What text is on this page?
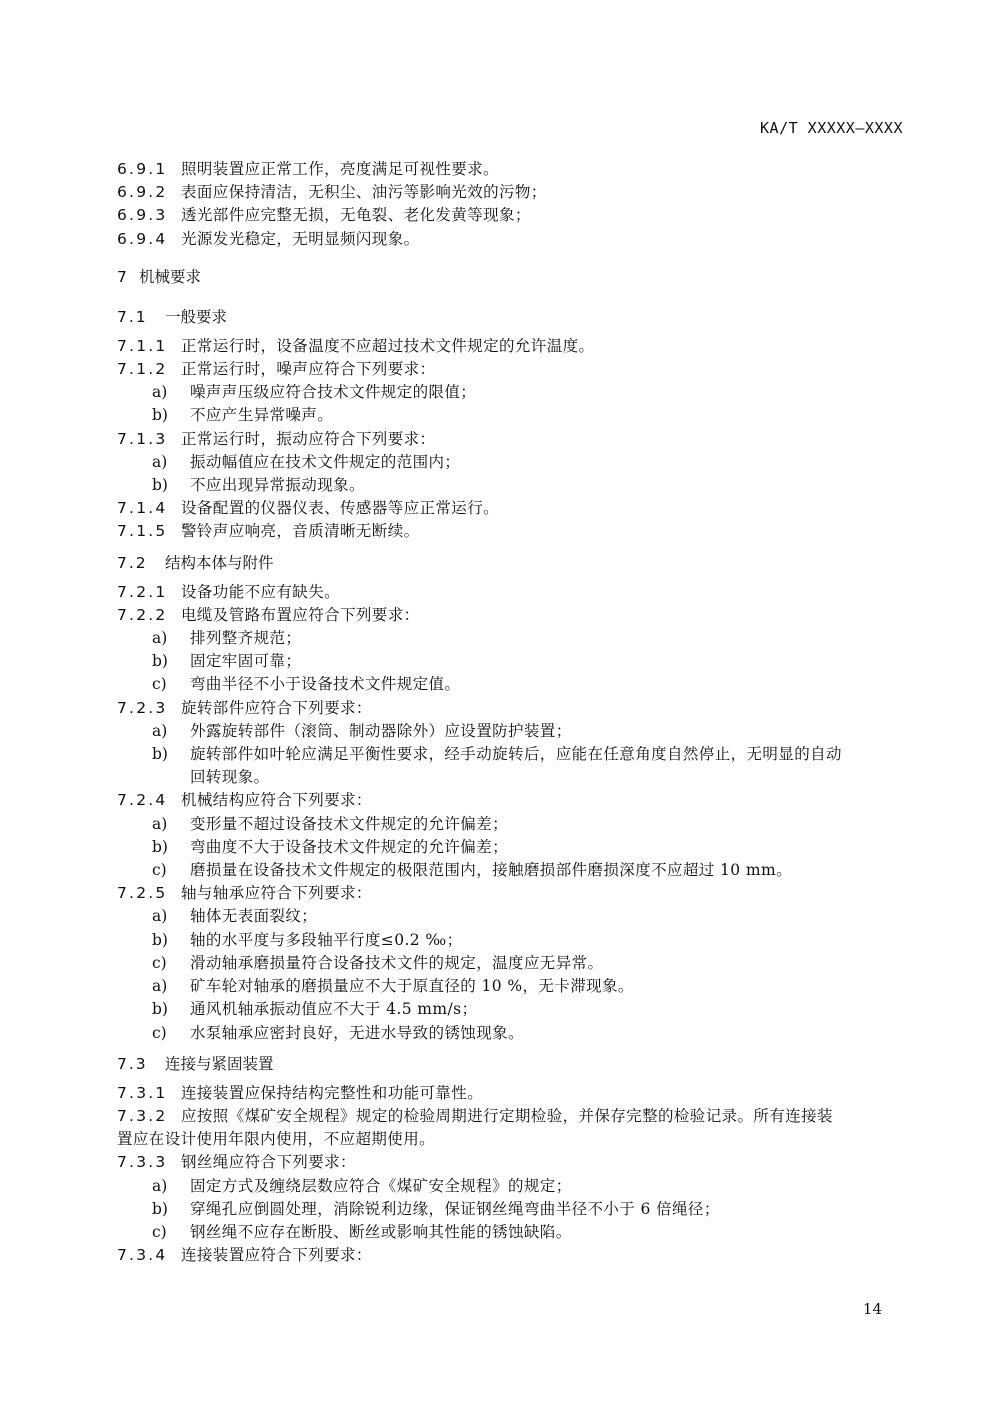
KA/T XXXXX—XXXX
6.9.1 照明装置应正常工作，亮度满足可视性要求。
6.9.2 表面应保持清洁，无积尘、油污等影响光效的污物；
6.9.3 透光部件应完整无损，无龟裂、老化发黄等现象；
6.9.4 光源发光稳定，无明显频闪现象。
7 机械要求
7.1 一般要求
7.1.1 正常运行时，设备温度不应超过技术文件规定的允许温度。
7.1.2 正常运行时，噪声应符合下列要求：
a) 噪声声压级应符合技术文件规定的限值；
b) 不应产生异常噪声。
7.1.3 正常运行时，振动应符合下列要求：
a) 振动幅值应在技术文件规定的范围内；
b) 不应出现异常振动现象。
7.1.4 设备配置的仪器仪表、传感器等应正常运行。
7.1.5 警铃声应响亮，音质清晰无断续。
7.2 结构本体与附件
7.2.1 设备功能不应有缺失。
7.2.2 电缆及管路布置应符合下列要求：
a) 排列整齐规范；
b) 固定牢固可靠；
c) 弯曲半径不小于设备技术文件规定值。
7.2.3 旋转部件应符合下列要求：
a) 外露旋转部件（滚筒、制动器除外）应设置防护装置；
b) 旋转部件如叶轮应满足平衡性要求，经手动旋转后，应能在任意角度自然停止，无明显的自动
回转现象。
7.2.4 机械结构应符合下列要求：
a) 变形量不超过设备技术文件规定的允许偏差；
b) 弯曲度不大于设备技术文件规定的允许偏差；
c) 磨损量在设备技术文件规定的极限范围内，接触磨损部件磨损深度不应超过 10 mm。
7.2.5 轴与轴承应符合下列要求：
a) 轴体无表面裂纹；
b) 轴的水平度与多段轴平行度≤0.2 ‰；
c) 滑动轴承磨损量符合设备技术文件的规定，温度应无异常。
a) 矿车轮对轴承的磨损量应不大于原直径的 10 %，无卡滞现象。
b) 通风机轴承振动值应不大于 4.5 mm/s；
c) 水泵轴承应密封良好，无进水导致的锈蚀现象。
7.3 连接与紧固装置
7.3.1 连接装置应保持结构完整性和功能可靠性。
7.3.2 应按照《煤矿安全规程》规定的检验周期进行定期检验，并保存完整的检验记录。所有连接装
置应在设计使用年限内使用，不应超期使用。
7.3.3 钢丝绳应符合下列要求：
a) 固定方式及缠绕层数应符合《煤矿安全规程》的规定；
b) 穿绳孔应倒圆处理，消除锐利边缘，保证钢丝绳弯曲半径不小于 6 倍绳径；
c) 钢丝绳不应存在断股、断丝或影响其性能的锈蚀缺陷。
7.3.4 连接装置应符合下列要求：
14
